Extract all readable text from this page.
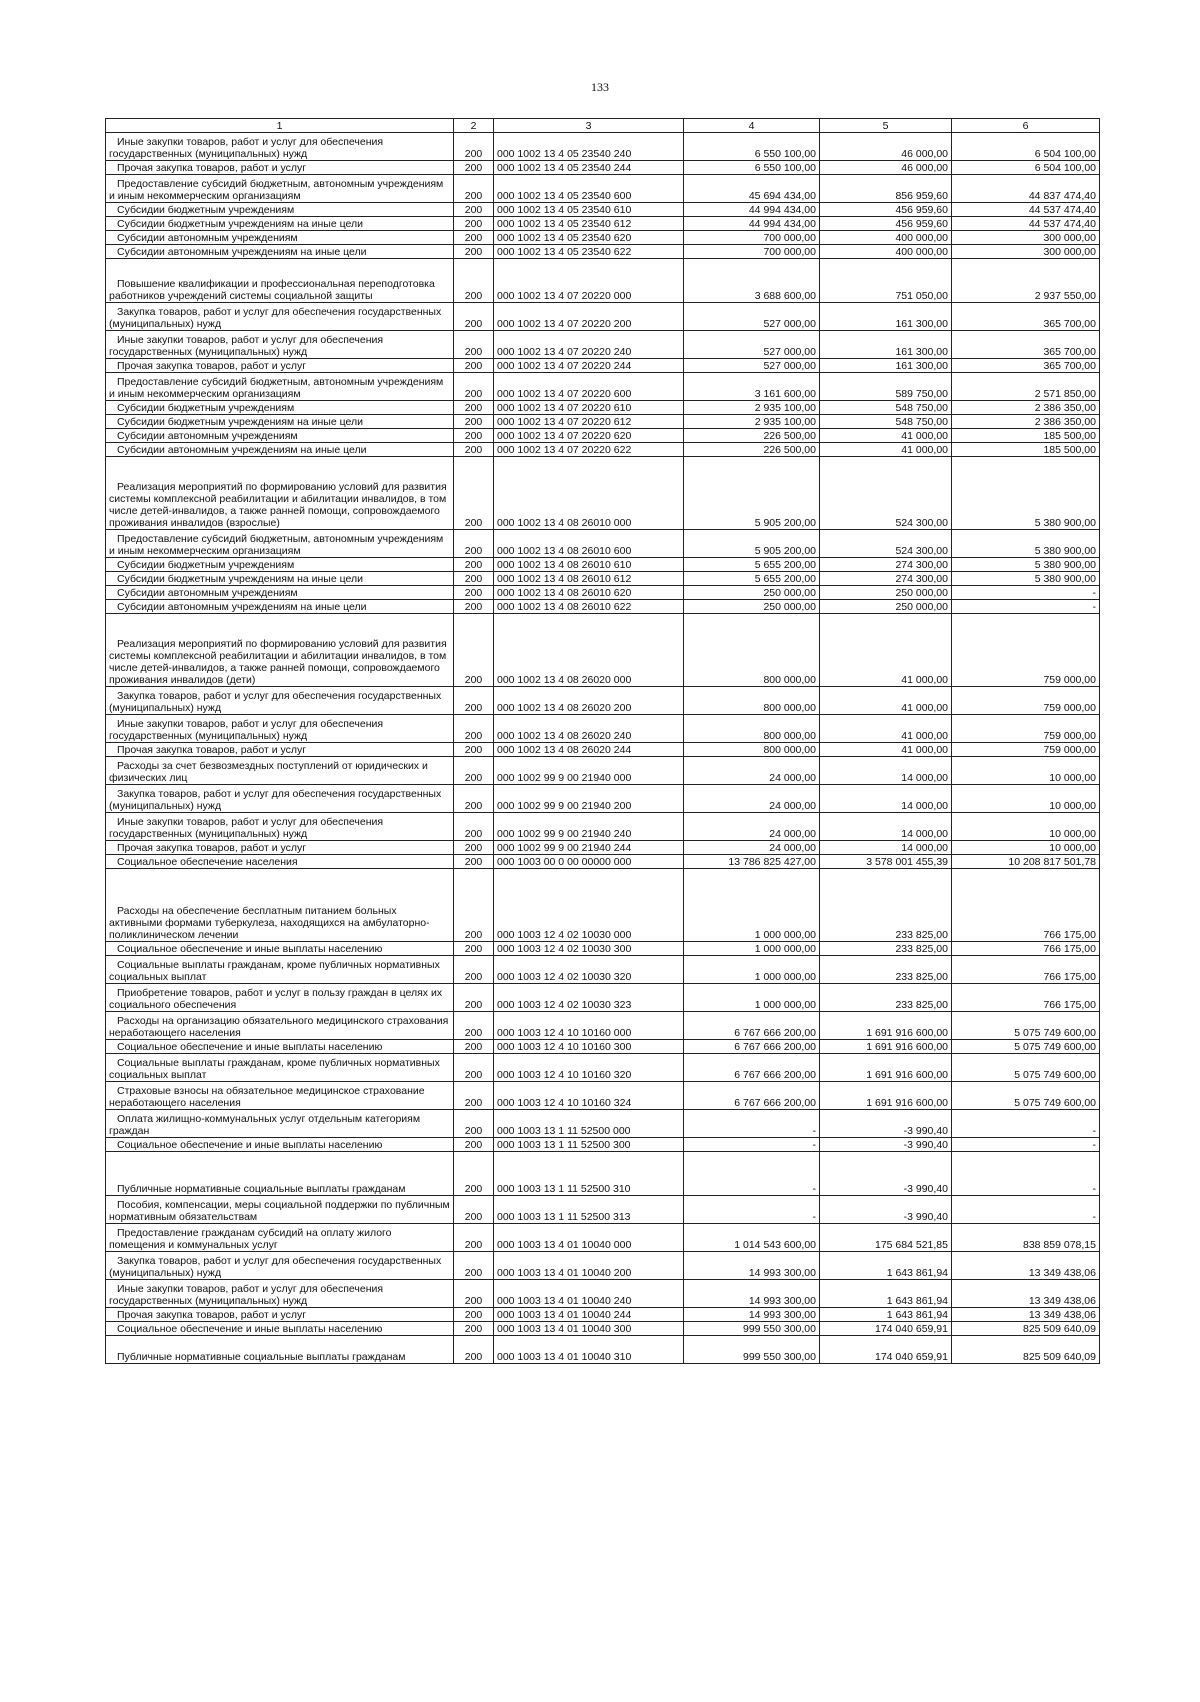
133
1	2	3	4	5	6

Иные закупки товаров, работ и услуг для обеспечения государственных (муниципальных) нужд	200	000 1002 13 4 05 23540 240	6 550 100,00	46 000,00	6 504 100,00

Прочая закупка товаров, работ и услуг	200	000 1002 13 4 05 23540 244	6 550 100,00	46 000,00	6 504 100,00

Предоставление субсидий бюджетным, автономным учреждениям и иным некоммерческим организациям	200	000 1002 13 4 05 23540 600	45 694 434,00	856 959,60	44 837 474,40

Субсидии бюджетным учреждениям	200	000 1002 13 4 05 23540 610	44 994 434,00	456 959,60	44 537 474,40

Субсидии бюджетным учреждениям на иные цели	200	000 1002 13 4 05 23540 612	44 994 434,00	456 959,60	44 537 474,40

Субсидии автономным учреждениям	200	000 1002 13 4 05 23540 620	700 000,00	400 000,00	300 000,00

Субсидии автономным учреждениям на иные цели	200	000 1002 13 4 05 23540 622	700 000,00	400 000,00	300 000,00

Повышение квалификации и профессиональная переподготовка работников учреждений системы социальной защиты	200	000 1002 13 4 07 20220 000	3 688 600,00	751 050,00	2 937 550,00

Закупка товаров, работ и услуг для обеспечения государственных (муниципальных) нужд	200	000 1002 13 4 07 20220 200	527 000,00	161 300,00	365 700,00

Иные закупки товаров, работ и услуг для обеспечения государственных (муниципальных) нужд	200	000 1002 13 4 07 20220 240	527 000,00	161 300,00	365 700,00

Прочая закупка товаров, работ и услуг	200	000 1002 13 4 07 20220 244	527 000,00	161 300,00	365 700,00

Предоставление субсидий бюджетным, автономным учреждениям и иным некоммерческим организациям	200	000 1002 13 4 07 20220 600	3 161 600,00	589 750,00	2 571 850,00

Субсидии бюджетным учреждениям	200	000 1002 13 4 07 20220 610	2 935 100,00	548 750,00	2 386 350,00

Субсидии бюджетным учреждениям на иные цели	200	000 1002 13 4 07 20220 612	2 935 100,00	548 750,00	2 386 350,00

Субсидии автономным учреждениям	200	000 1002 13 4 07 20220 620	226 500,00	41 000,00	185 500,00

Субсидии автономным учреждениям на иные цели	200	000 1002 13 4 07 20220 622	226 500,00	41 000,00	185 500,00

Реализация мероприятий по формированию условий для развития системы комплексной реабилитации и абилитации инвалидов, в том числе детей-инвалидов, а также ранней помощи, сопровождаемого проживания инвалидов (взрослые)	200	000 1002 13 4 08 26010 000	5 905 200,00	524 300,00	5 380 900,00

Предоставление субсидий бюджетным, автономным учреждениям и иным некоммерческим организациям	200	000 1002 13 4 08 26010 600	5 905 200,00	524 300,00	5 380 900,00

Субсидии бюджетным учреждениям	200	000 1002 13 4 08 26010 610	5 655 200,00	274 300,00	5 380 900,00

Субсидии бюджетным учреждениям на иные цели	200	000 1002 13 4 08 26010 612	5 655 200,00	274 300,00	5 380 900,00

Субсидии автономным учреждениям	200	000 1002 13 4 08 26010 620	250 000,00	250 000,00	-

Субсидии автономным учреждениям на иные цели	200	000 1002 13 4 08 26010 622	250 000,00	250 000,00	-

Реализация мероприятий по формированию условий для развития системы комплексной реабилитации и абилитации инвалидов, в том числе детей-инвалидов, а также ранней помощи, сопровождаемого проживания инвалидов (дети)	200	000 1002 13 4 08 26020 000	800 000,00	41 000,00	759 000,00

Закупка товаров, работ и услуг для обеспечения государственных (муниципальных) нужд	200	000 1002 13 4 08 26020 200	800 000,00	41 000,00	759 000,00

Иные закупки товаров, работ и услуг для обеспечения государственных (муниципальных) нужд	200	000 1002 13 4 08 26020 240	800 000,00	41 000,00	759 000,00

Прочая закупка товаров, работ и услуг	200	000 1002 13 4 08 26020 244	800 000,00	41 000,00	759 000,00

Расходы за счет безвозмездных поступлений от юридических и физических лиц	200	000 1002 99 9 00 21940 000	24 000,00	14 000,00	10 000,00

Закупка товаров, работ и услуг для обеспечения государственных (муниципальных) нужд	200	000 1002 99 9 00 21940 200	24 000,00	14 000,00	10 000,00

Иные закупки товаров, работ и услуг для обеспечения государственных (муниципальных) нужд	200	000 1002 99 9 00 21940 240	24 000,00	14 000,00	10 000,00

Прочая закупка товаров, работ и услуг	200	000 1002 99 9 00 21940 244	24 000,00	14 000,00	10 000,00

Социальное обеспечение населения	200	000 1003 00 0 00 00000 000	13 786 825 427,00	3 578 001 455,39	10 208 817 501,78

Расходы на обеспечение бесплатным питанием больных активными формами туберкулеза, находящихся на амбулаторно-поликлиническом лечении	200	000 1003 12 4 02 10030 000	1 000 000,00	233 825,00	766 175,00

Социальное обеспечение и иные выплаты населению	200	000 1003 12 4 02 10030 300	1 000 000,00	233 825,00	766 175,00

Социальные выплаты гражданам, кроме публичных нормативных социальных выплат	200	000 1003 12 4 02 10030 320	1 000 000,00	233 825,00	766 175,00

Приобретение товаров, работ и услуг в пользу граждан в целях их социального обеспечения	200	000 1003 12 4 02 10030 323	1 000 000,00	233 825,00	766 175,00

Расходы на организацию обязательного медицинского страхования неработающего населения	200	000 1003 12 4 10 10160 000	6 767 666 200,00	1 691 916 600,00	5 075 749 600,00

Социальное обеспечение и иные выплаты населению	200	000 1003 12 4 10 10160 300	6 767 666 200,00	1 691 916 600,00	5 075 749 600,00

Социальные выплаты гражданам, кроме публичных нормативных социальных выплат	200	000 1003 12 4 10 10160 320	6 767 666 200,00	1 691 916 600,00	5 075 749 600,00

Страховые взносы на обязательное медицинское страхование неработающего населения	200	000 1003 12 4 10 10160 324	6 767 666 200,00	1 691 916 600,00	5 075 749 600,00

Оплата жилищно-коммунальных услуг отдельным категориям граждан	200	000 1003 13 1 11 52500 000	-	-3 990,40	-

Социальное обеспечение и иные выплаты населению	200	000 1003 13 1 11 52500 300	-	-3 990,40	-

Публичные нормативные социальные выплаты гражданам	200	000 1003 13 1 11 52500 310	-	-3 990,40	-

Пособия, компенсации, меры социальной поддержки по публичным нормативным обязательствам	200	000 1003 13 1 11 52500 313	-	-3 990,40	-

Предоставление гражданам субсидий на оплату жилого помещения и коммунальных услуг	200	000 1003 13 4 01 10040 000	1 014 543 600,00	175 684 521,85	838 859 078,15

Закупка товаров, работ и услуг для обеспечения государственных (муниципальных) нужд	200	000 1003 13 4 01 10040 200	14 993 300,00	1 643 861,94	13 349 438,06

Иные закупки товаров, работ и услуг для обеспечения государственных (муниципальных) нужд	200	000 1003 13 4 01 10040 240	14 993 300,00	1 643 861,94	13 349 438,06

Прочая закупка товаров, работ и услуг	200	000 1003 13 4 01 10040 244	14 993 300,00	1 643 861,94	13 349 438,06

Социальное обеспечение и иные выплаты населению	200	000 1003 13 4 01 10040 300	999 550 300,00	174 040 659,91	825 509 640,09

Публичные нормативные социальные выплаты гражданам	200	000 1003 13 4 01 10040 310	999 550 300,00	174 040 659,91	825 509 640,09
